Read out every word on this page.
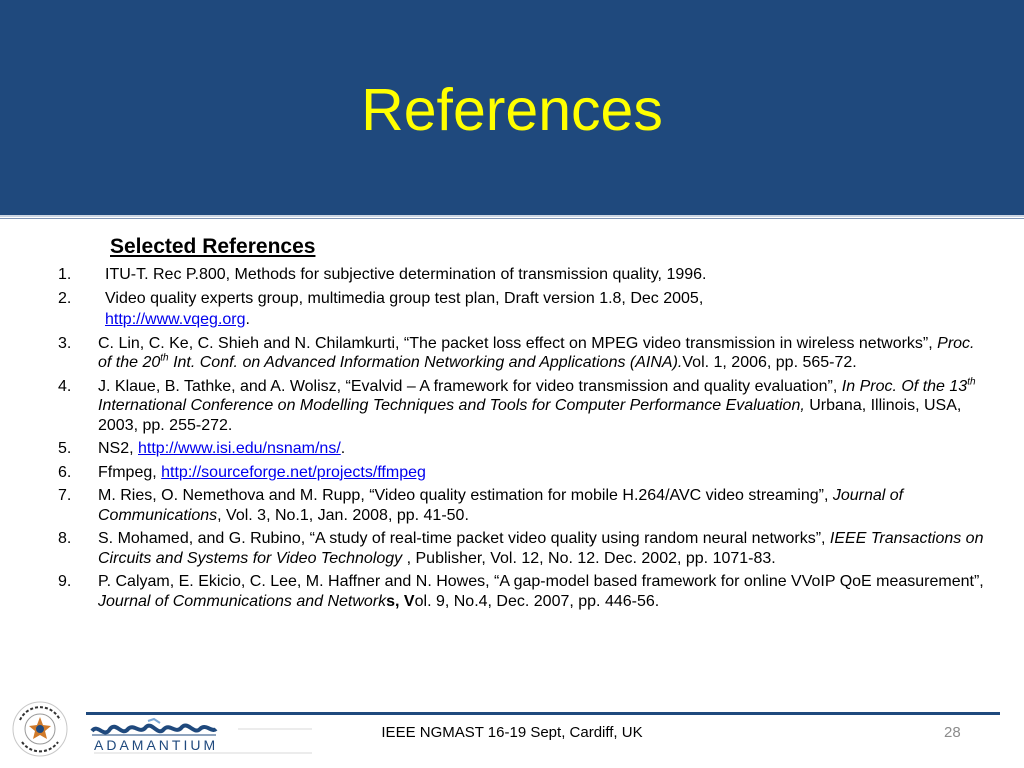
References
Selected References
1. ITU-T. Rec P.800, Methods for subjective determination of transmission quality, 1996.
2. Video quality experts group, multimedia group test plan, Draft version 1.8, Dec 2005,
http://www.vqeg.org.
3. C. Lin, C. Ke, C. Shieh and N. Chilamkurti, “The packet loss effect on MPEG video transmission in wireless networks”, Proc. of the 20th Int. Conf. on Advanced Information Networking and Applications (AINA).Vol. 1, 2006, pp. 565-72.
4. J. Klaue, B. Tathke, and A. Wolisz, “Evalvid – A framework for video transmission and quality evaluation”, In Proc. Of the 13th International Conference on Modelling Techniques and Tools for Computer Performance Evaluation, Urbana, Illinois, USA, 2003, pp. 255-272.
5. NS2, http://www.isi.edu/nsnam/ns/.
6. Ffmpeg, http://sourceforge.net/projects/ffmpeg
7. M. Ries, O. Nemethova and M. Rupp, “Video quality estimation for mobile H.264/AVC video streaming”, Journal of Communications, Vol. 3, No.1, Jan. 2008, pp. 41-50.
8. S. Mohamed, and G. Rubino, “A study of real-time packet video quality using random neural networks”, IEEE Transactions on Circuits and Systems for Video Technology , Publisher, Vol. 12, No. 12. Dec. 2002, pp. 1071-83.
9. P. Calyam, E. Ekicio, C. Lee, M. Haffner and N. Howes, “A gap-model based framework for online VVoIP QoE measurement”, Journal of Communications and Networks, Vol. 9, No.4, Dec. 2007, pp. 446-56.
ADAMANTIUM
IEEE NGMAST 16-19 Sept, Cardiff, UK	28
